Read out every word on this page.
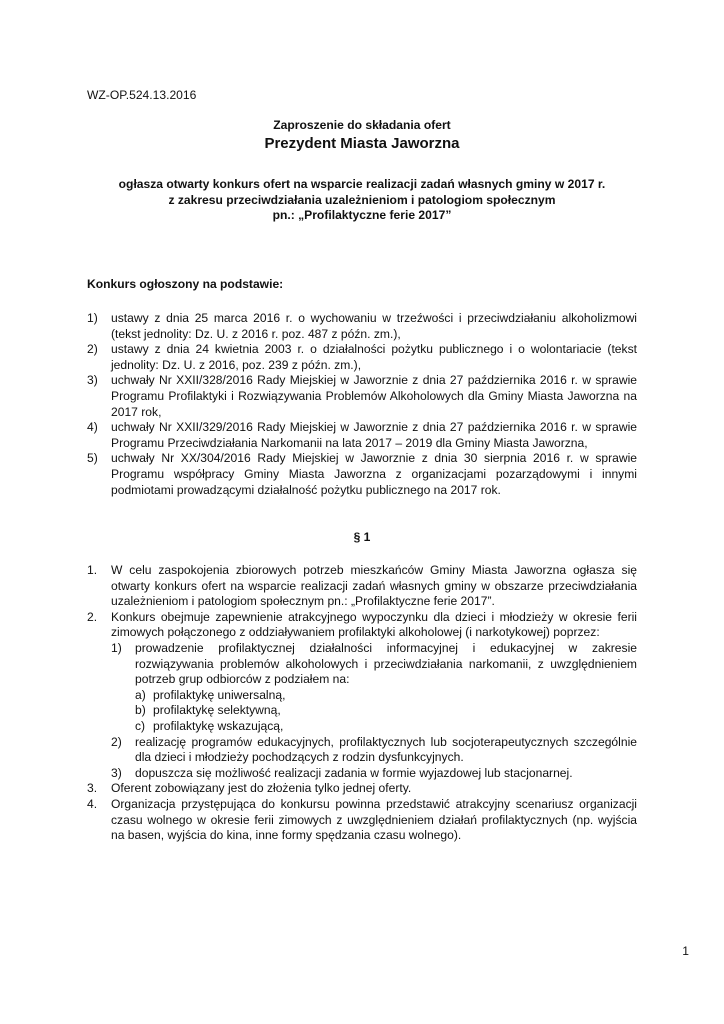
WZ-OP.524.13.2016
Zaproszenie do składania ofert
Prezydent Miasta Jaworzna
ogłasza otwarty konkurs ofert na wsparcie realizacji zadań własnych gminy w 2017 r.
z zakresu przeciwdziałania uzależnieniom i patologiom społecznym
pn.: „Profilaktyczne ferie 2017”
Konkurs ogłoszony na podstawie:
1) ustawy z dnia 25 marca 2016 r. o wychowaniu w trzeźwości i przeciwdziałaniu alkoholizmowi (tekst jednolity: Dz. U. z 2016 r. poz. 487 z późn. zm.),
2) ustawy z dnia 24 kwietnia 2003 r. o działalności pożytku publicznego i o wolontariacie (tekst jednolity: Dz. U. z 2016, poz. 239 z późn. zm.),
3) uchwały Nr XXII/328/2016 Rady Miejskiej w Jaworznie z dnia 27 października 2016 r. w sprawie Programu Profilaktyki i Rozwiązywania Problemów Alkoholowych dla Gminy Miasta Jaworzna na 2017 rok,
4) uchwały Nr XXII/329/2016 Rady Miejskiej w Jaworznie z dnia 27 października 2016 r. w sprawie Programu Przeciwdziałania Narkomanii na lata 2017 – 2019 dla Gminy Miasta Jaworzna,
5) uchwały Nr XX/304/2016 Rady Miejskiej w Jaworznie z dnia 30 sierpnia 2016 r. w sprawie Programu współpracy Gminy Miasta Jaworzna z organizacjami pozarządowymi i innymi podmiotami prowadzącymi działalność pożytku publicznego na 2017 rok.
§ 1
1. W celu zaspokojenia zbiorowych potrzeb mieszkańców Gminy Miasta Jaworzna ogłasza się otwarty konkurs ofert na wsparcie realizacji zadań własnych gminy w obszarze przeciwdziałania uzależnieniom i patologiom społecznym pn.: „Profilaktyczne ferie 2017”.
2. Konkurs obejmuje zapewnienie atrakcyjnego wypoczynku dla dzieci i młodzieży w okresie ferii zimowych połączonego z oddziaływaniem profilaktyki alkoholowej (i narkotykowej) poprzez:
1) prowadzenie profilaktycznej działalności informacyjnej i edukacyjnej w zakresie rozwiązywania problemów alkoholowych i przeciwdziałania narkomanii, z uwzględnieniem potrzeb grup odbiorców z podziałem na:
a) profilaktykę uniwersalną,
b) profilaktykę selektywną,
c) profilaktykę wskazującą,
2) realizację programów edukacyjnych, profilaktycznych lub socjoterapeutycznych szczególnie dla dzieci i młodzieży pochodzących z rodzin dysfunkcyjnych.
3) dopuszcza się możliwość realizacji zadania w formie wyjazdowej lub stacjonarnej.
3. Oferent zobowiązany jest do złożenia tylko jednej oferty.
4. Organizacja przystępująca do konkursu powinna przedstawić atrakcyjny scenariusz organizacji czasu wolnego w okresie ferii zimowych z uwzględnieniem działań profilaktycznych (np. wyjścia na basen, wyjścia do kina, inne formy spędzania czasu wolnego).
1
